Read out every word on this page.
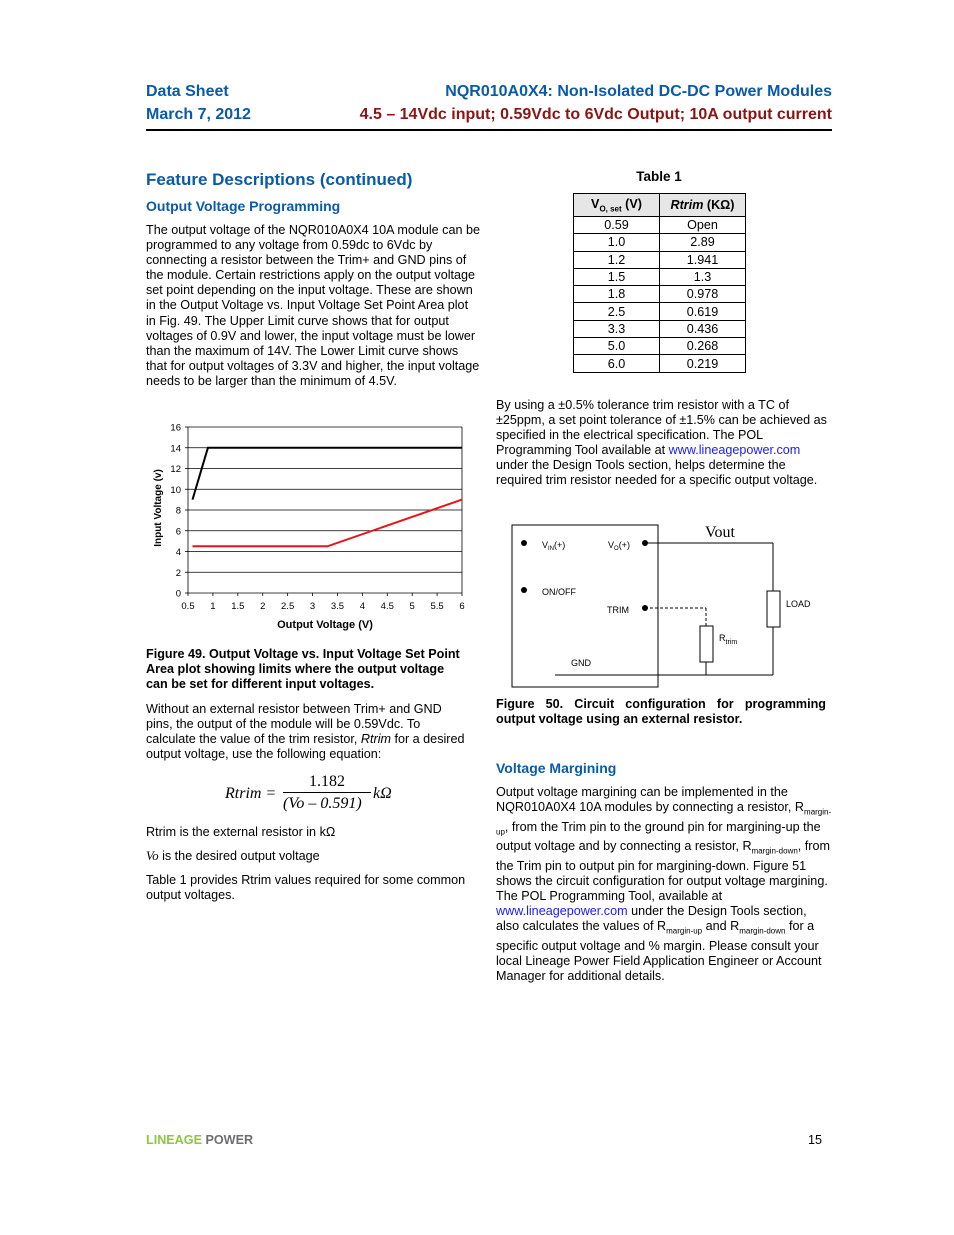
Data Sheet
March 7, 2012
NQR010A0X4: Non-Isolated DC-DC Power Modules
4.5 – 14Vdc input; 0.59Vdc to 6Vdc Output; 10A output current
Feature Descriptions (continued)
Output Voltage Programming

The output voltage of the NQR010A0X4 10A module can be programmed to any voltage from 0.59dc to 6Vdc by connecting a resistor between the Trim+ and GND pins of the module. Certain restrictions apply on the output voltage set point depending on the input voltage. These are shown in the Output Voltage vs. Input Voltage Set Point Area plot in Fig. 49. The Upper Limit curve shows that for output voltages of 0.9V and lower, the input voltage must be lower than the maximum of 14V. The Lower Limit curve shows that for output voltages of 3.3V and higher, the input voltage needs to be larger than the minimum of 4.5V.

0.5 1 1.5 2 2.5 3 3.5 4 4.5 5 5.5 6
0
2
4
6
8
10
12
14
16
Output Voltage (V)
Input Voltage (v)
Figure 49. Output Voltage vs. Input Voltage Set Point Area plot showing limits where the output voltage can be set for different input voltages.
Without an external resistor between Trim+ and GND pins, the output of the module will be 0.59Vdc. To calculate the value of the trim resistor, Rtrim for a desired output voltage, use the following equation:
Rtrim =
1.182
(Vo – 0.591)
kΩ
Rtrim is the external resistor in kΩ
Vo is the desired output voltage
Table 1 provides Rtrim values required for some common output voltages.
Table 1
$V_{O, set}$ (V)	Rtrim (KΩ)
0.59	Open
1.0	2.89
1.2	1.941
1.5	1.3
1.8	0.978
2.5	0.619
3.3	0.436
5.0	0.268
6.0	0.219
By using a ±0.5% tolerance trim resistor with a TC of ±25ppm, a set point tolerance of ±1.5% can be achieved as specified in the electrical specification. The POL Programming Tool available at www.lineagepower.com under the Design Tools section, helps determine the required trim resistor needed for a specific output voltage.
Vout
$V_{IN}(+)$	$V_O(+)$
ON/OFF
TRIM
GND
LOAD
$R_{trim}$
Figure 50. Circuit configuration for programming output voltage using an external resistor.
Voltage Margining
Output voltage margining can be implemented in the NQR010A0X4 10A modules by connecting a resistor, $R_{margin-up}$, from the Trim pin to the ground pin for margining-up the output voltage and by connecting a resistor, $R_{margin-down}$, from the Trim pin to output pin for margining-down. Figure 51 shows the circuit configuration for output voltage margining. The POL Programming Tool, available at www.lineagepower.com under the Design Tools section, also calculates the values of $R_{margin-up}$ and $R_{margin-down}$ for a specific output voltage and % margin. Please consult your local Lineage Power Field Application Engineer or Account Manager for additional details.
LINEAGE POWER	15
